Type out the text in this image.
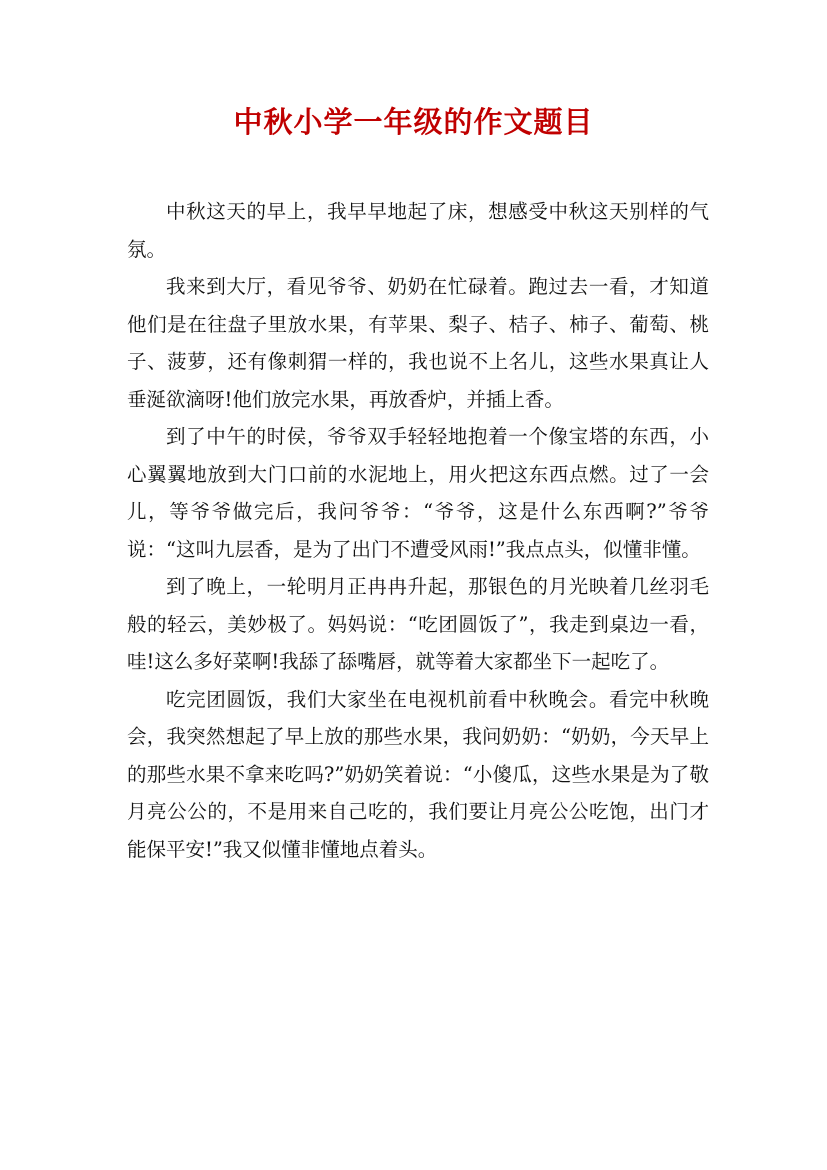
中秋小学一年级的作文题目

中秋这天的早上，我早早地起了床，想感受中秋这天别样的气氛。

我来到大厅，看见爷爷、奶奶在忙碌着。跑过去一看，才知道他们是在往盘子里放水果，有苹果、梨子、桔子、柿子、葡萄、桃子、菠萝，还有像刺猬一样的，我也说不上名儿，这些水果真让人垂涎欲滴呀!他们放完水果，再放香炉，并插上香。

到了中午的时侯，爷爷双手轻轻地抱着一个像宝塔的东西，小心翼翼地放到大门口前的水泥地上，用火把这东西点燃。过了一会儿，等爷爷做完后，我问爷爷：“爷爷，这是什么东西啊?”爷爷说：“这叫九层香，是为了出门不遭受风雨!”我点点头，似懂非懂。

到了晚上，一轮明月正冉冉升起，那银色的月光映着几丝羽毛般的轻云，美妙极了。妈妈说：“吃团圆饭了”，我走到桌边一看，哇!这么多好菜啊!我舔了舔嘴唇，就等着大家都坐下一起吃了。

吃完团圆饭，我们大家坐在电视机前看中秋晚会。看完中秋晚会，我突然想起了早上放的那些水果，我问奶奶：“奶奶，今天早上的那些水果不拿来吃吗?”奶奶笑着说：“小傻瓜，这些水果是为了敬月亮公公的，不是用来自己吃的，我们要让月亮公公吃饱，出门才能保平安!”我又似懂非懂地点着头。
